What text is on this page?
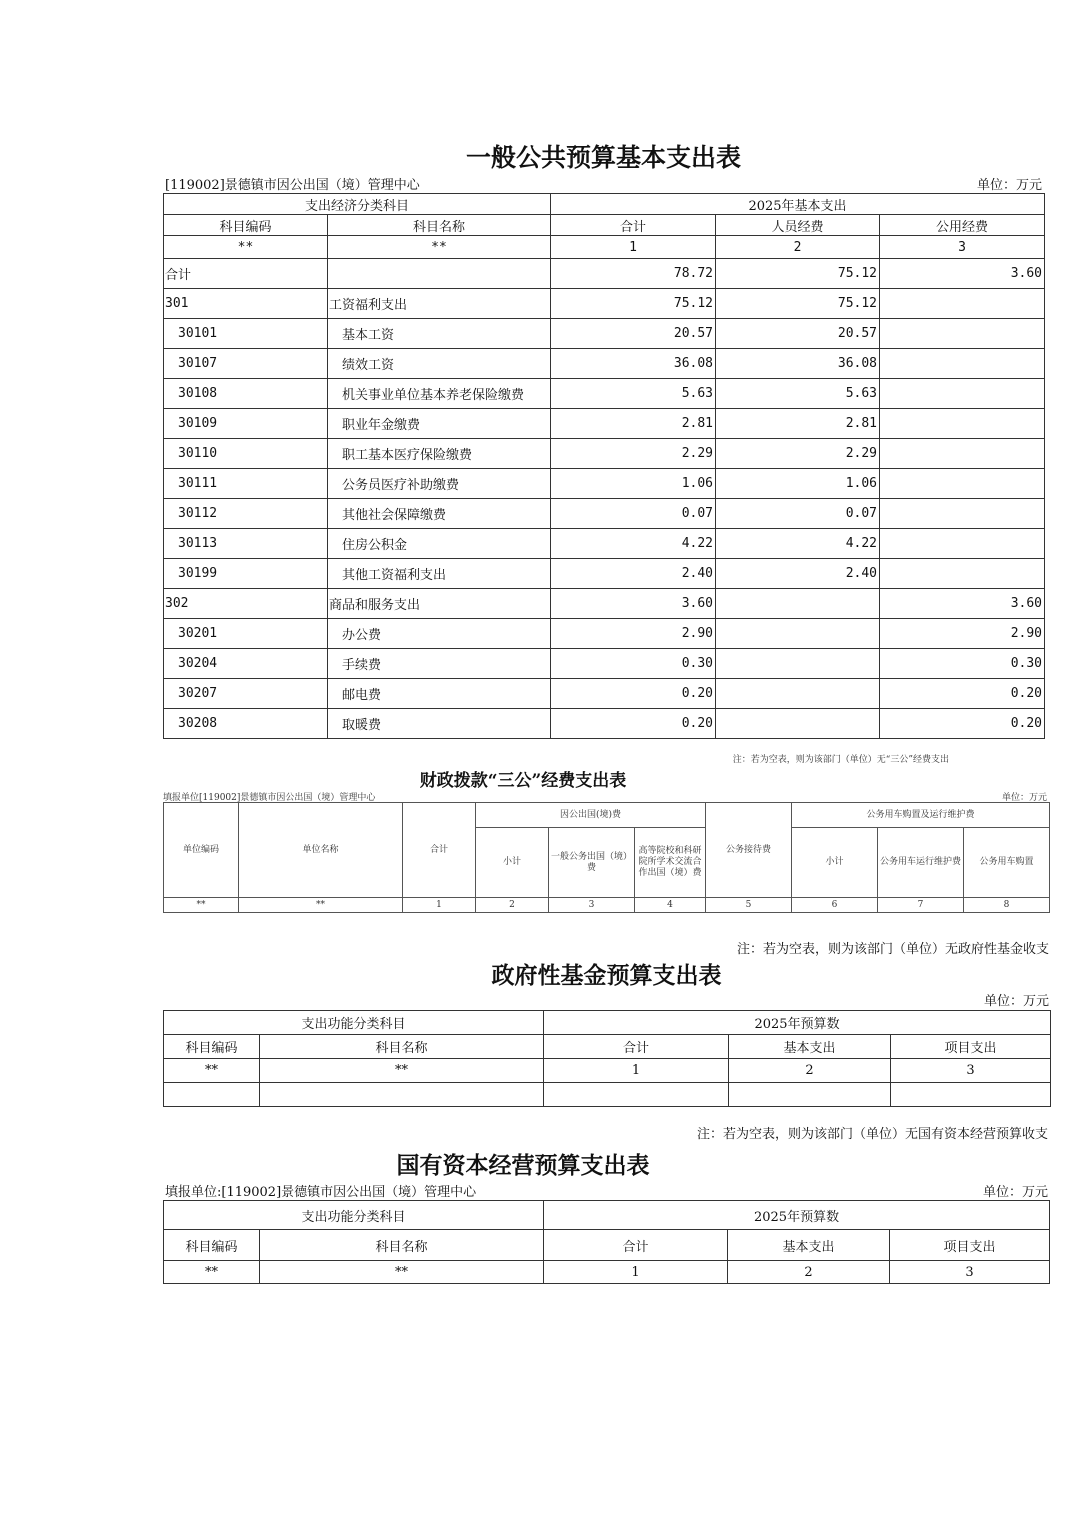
一般公共预算基本支出表
[119002]景德镇市因公出国（境）管理中心	单位：万元
支出经济分类科目		2025年基本支出		
科目编码	科目名称	合计	人员经费	公用经费
**	**	1	2	3
合计		78.72	75.12	3.60
301	工资福利支出	75.12	75.12	
30101	基本工资	20.57	20.57	
30107	绩效工资	36.08	36.08	
30108	机关事业单位基本养老保险缴费	5.63	5.63	
30109	职业年金缴费	2.81	2.81	
30110	职工基本医疗保险缴费	2.29	2.29	
30111	公务员医疗补助缴费	1.06	1.06	
30112	其他社会保障缴费	0.07	0.07	
30113	住房公积金	4.22	4.22	
30199	其他工资福利支出	2.40	2.40	
302	商品和服务支出	3.60		3.60
30201	办公费	2.90		2.90
30204	手续费	0.30		0.30
30207	邮电费	0.20		0.20
30208	取暖费	0.20		0.20
注：若为空表，则为该部门（单位）无“三公”经费支出
财政拨款“三公”经费支出表
填报单位[119002]景德镇市因公出国（境）管理中心	单位：万元
单位编码	单位名称	合计	因公出国(境)费			公务接待费	公务用车购置及运行维护费		
			小计	一般公务出国（境）费	高等院校和科研院所学术交流合作出国（境）费		小计	公务用车运行维护费	公务用车购置
**	**	1	2	3	4	5	6	7	8
注：若为空表，则为该部门（单位）无政府性基金收支
政府性基金预算支出表
单位：万元
支出功能分类科目		2025年预算数		
科目编码	科目名称	合计	基本支出	项目支出
**	**	1	2	3

注：若为空表，则为该部门（单位）无国有资本经营预算收支
国有资本经营预算支出表
填报单位:[119002]景德镇市因公出国（境）管理中心	单位：万元
支出功能分类科目		2025年预算数		
科目编码	科目名称	合计	基本支出	项目支出
**	**	1	2	3
